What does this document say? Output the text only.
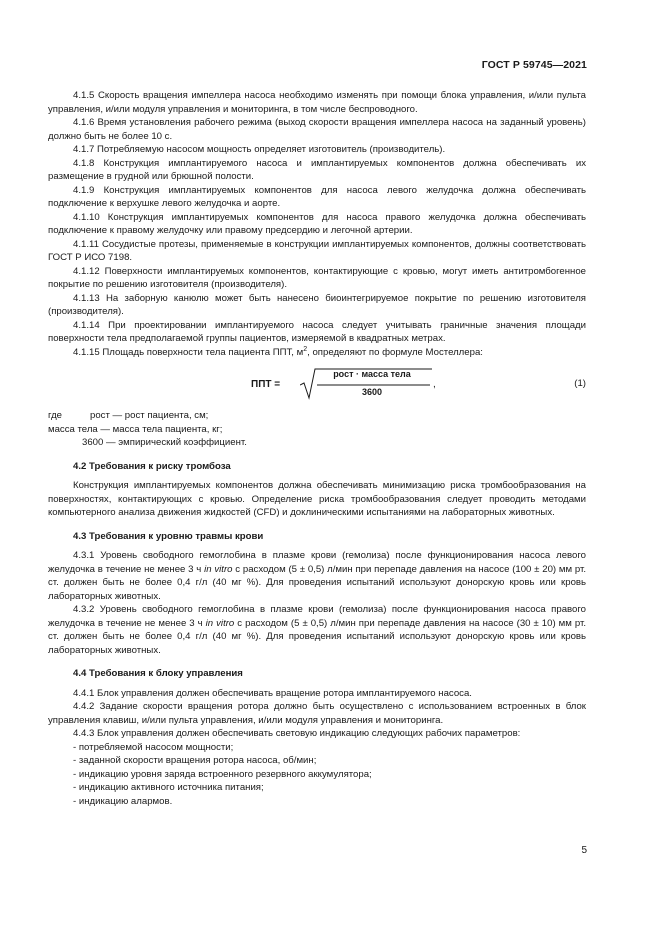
ГОСТ Р 59745—2021

4.1.5 Скорость вращения импеллера насоса необходимо изменять при помощи блока управления, и/или пульта управления, и/или модуля управления и мониторинга, в том числе беспроводного.

4.1.6 Время установления рабочего режима (выход скорости вращения импеллера насоса на заданный уровень) должно быть не более 10 с.

4.1.7 Потребляемую насосом мощность определяет изготовитель (производитель).

4.1.8 Конструкция имплантируемого насоса и имплантируемых компонентов должна обеспечивать их размещение в грудной или брюшной полости.

4.1.9 Конструкция имплантируемых компонентов для насоса левого желудочка должна обеспечивать подключение к верхушке левого желудочка и аорте.

4.1.10 Конструкция имплантируемых компонентов для насоса правого желудочка должна обеспечивать подключение к правому желудочку или правому предсердию и легочной артерии.

4.1.11 Сосудистые протезы, применяемые в конструкции имплантируемых компонентов, должны соответствовать ГОСТ Р ИСО 7198.

4.1.12 Поверхности имплантируемых компонентов, контактирующие с кровью, могут иметь антитромбогенное покрытие по решению изготовителя (производителя).

4.1.13 На заборную канюлю может быть нанесено биоинтегрируемое покрытие по решению изготовителя (производителя).

4.1.14 При проектировании имплантируемого насоса следует учитывать граничные значения площади поверхности тела предполагаемой группы пациентов, измеряемой в квадратных метрах.

4.1.15 Площадь поверхности тела пациента ППТ, $м^2$, определяют по формуле Мостеллера:

ППТ =
рост · масса тела
3600
,	(1)
где	рост — рост пациента, см;
масса тела — масса тела пациента, кг;
3600 — эмпирический коэффициент.
4.2 Требования к риску тромбоза

Конструкция имплантируемых компонентов должна обеспечивать минимизацию риска тромбообразования на поверхностях, контактирующих с кровью. Определение риска тромбообразования следует проводить методами компьютерного анализа движения жидкостей (CFD) и доклиническими испытаниями на лабораторных животных.

4.3 Требования к уровню травмы крови

4.3.1 Уровень свободного гемоглобина в плазме крови (гемолиза) после функционирования насоса левого желудочка в течение не менее 3 ч in vitro с расходом (5 ± 0,5) л/мин при перепаде давления на насосе (100 ± 20) мм рт. ст. должен быть не более 0,4 г/л (40 мг %). Для проведения испытаний используют донорскую кровь или кровь лабораторных животных.

4.3.2 Уровень свободного гемоглобина в плазме крови (гемолиза) после функционирования насоса правого желудочка в течение не менее 3 ч in vitro с расходом (5 ± 0,5) л/мин при перепаде давления на насосе (30 ± 10) мм рт. ст. должен быть не более 0,4 г/л (40 мг %). Для проведения испытаний используют донорскую кровь или кровь лабораторных животных.

4.4 Требования к блоку управления

4.4.1 Блок управления должен обеспечивать вращение ротора имплантируемого насоса.

4.4.2 Задание скорости вращения ротора должно быть осуществлено с использованием встроенных в блок управления клавиш, и/или пульта управления, и/или модуля управления и мониторинга.

4.4.3 Блок управления должен обеспечивать световую индикацию следующих рабочих параметров:

- потребляемой насосом мощности;
- заданной скорости вращения ротора насоса, об/мин;
- индикацию уровня заряда встроенного резервного аккумулятора;
- индикацию активного источника питания;
- индикацию алармов.
5
